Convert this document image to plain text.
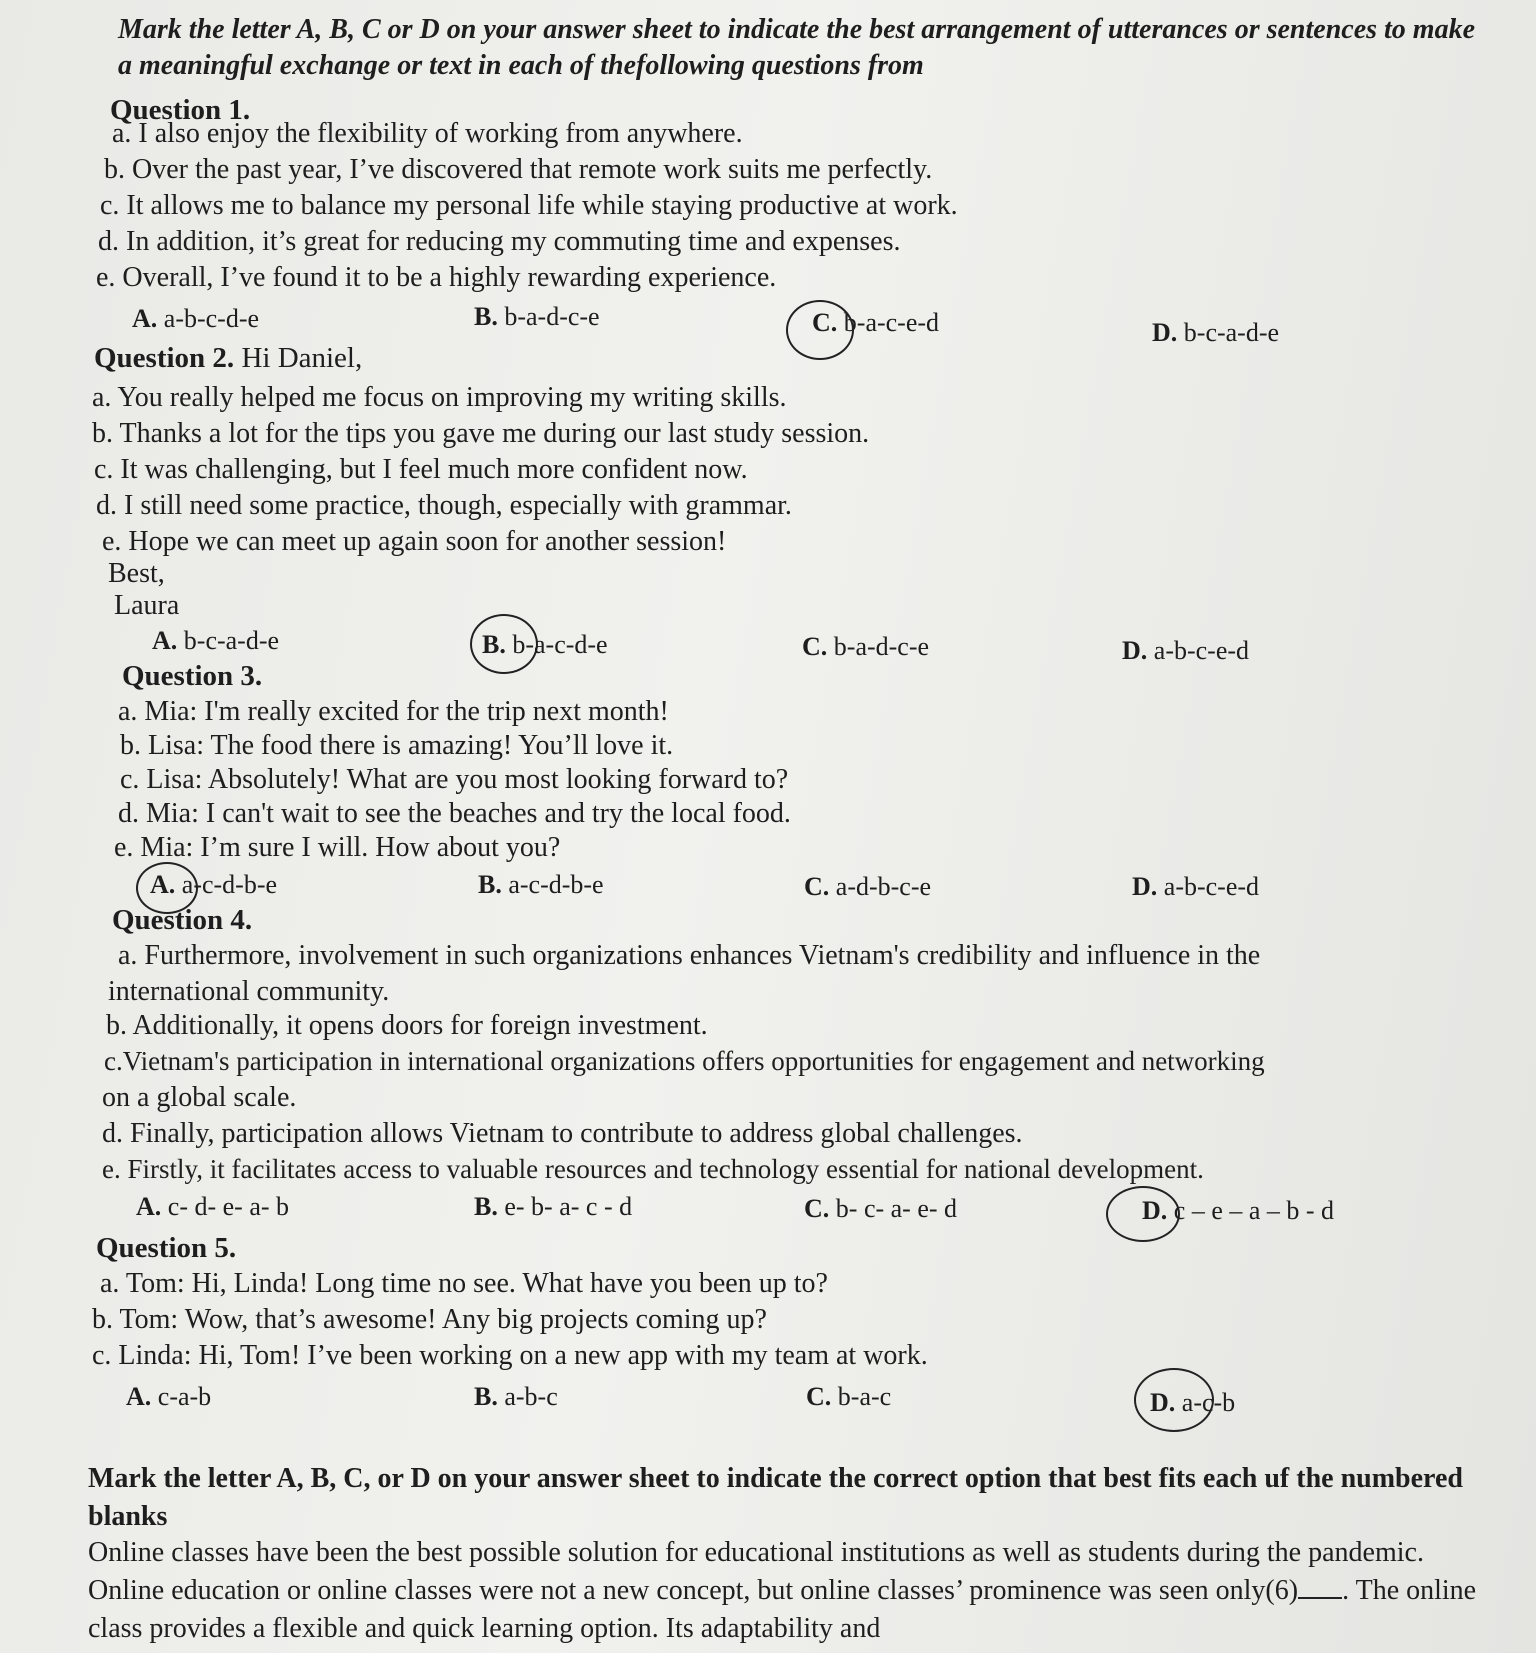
Mark the letter A, B, C or D on your answer sheet to indicate the best arrangement of utterances or sentences to make a meaningful exchange or text in each of thefollowing questions from
Question 1.
a. I also enjoy the flexibility of working from anywhere.
b. Over the past year, I’ve discovered that remote work suits me perfectly.
c. It allows me to balance my personal life while staying productive at work.
d. In addition, it’s great for reducing my commuting time and expenses.
e. Overall, I’ve found it to be a highly rewarding experience.
A. a-b-c-d-e	B. b-a-d-c-e	C. b-a-c-e-d	D. b-c-a-d-e
Question 2. Hi Daniel,
a. You really helped me focus on improving my writing skills.
b. Thanks a lot for the tips you gave me during our last study session.
c. It was challenging, but I feel much more confident now.
d. I still need some practice, though, especially with grammar.
e. Hope we can meet up again soon for another session!
Best,
Laura
A. b-c-a-d-e	B. b-a-c-d-e	C. b-a-d-c-e	D. a-b-c-e-d
Question 3.
a. Mia: I'm really excited for the trip next month!
b. Lisa: The food there is amazing! You’ll love it.
c. Lisa: Absolutely! What are you most looking forward to?
d. Mia: I can't wait to see the beaches and try the local food.
e. Mia: I’m sure I will. How about you?
A. a-c-d-b-e	B. a-c-d-b-e	C. a-d-b-c-e	D. a-b-c-e-d
Question 4.
a. Furthermore, involvement in such organizations enhances Vietnam's credibility and influence in the
international community.
b. Additionally, it opens doors for foreign investment.
c.Vietnam's participation in international organizations offers opportunities for engagement and networking
on a global scale.
d. Finally, participation allows Vietnam to contribute to address global challenges.
e. Firstly, it facilitates access to valuable resources and technology essential for national development.
A. c- d- e- a- b	B. e- b- a- c - d	C. b- c- a- e- d	D. c – e – a – b - d
Question 5.
a. Tom: Hi, Linda! Long time no see. What have you been up to?
b. Tom: Wow, that’s awesome! Any big projects coming up?
c. Linda: Hi, Tom! I’ve been working on a new app with my team at work.
A. c-a-b	B. a-b-c	C. b-a-c	D. a-c-b
Mark the letter A, B, C, or D on your answer sheet to indicate the correct option that best fits each uf the numbered blanks
Online classes have been the best possible solution for educational institutions as well as students during the pandemic. Online education or online classes were not a new concept, but online classes’ prominence was seen only(6) . The online class provides a flexible and quick learning option. Its adaptability and
